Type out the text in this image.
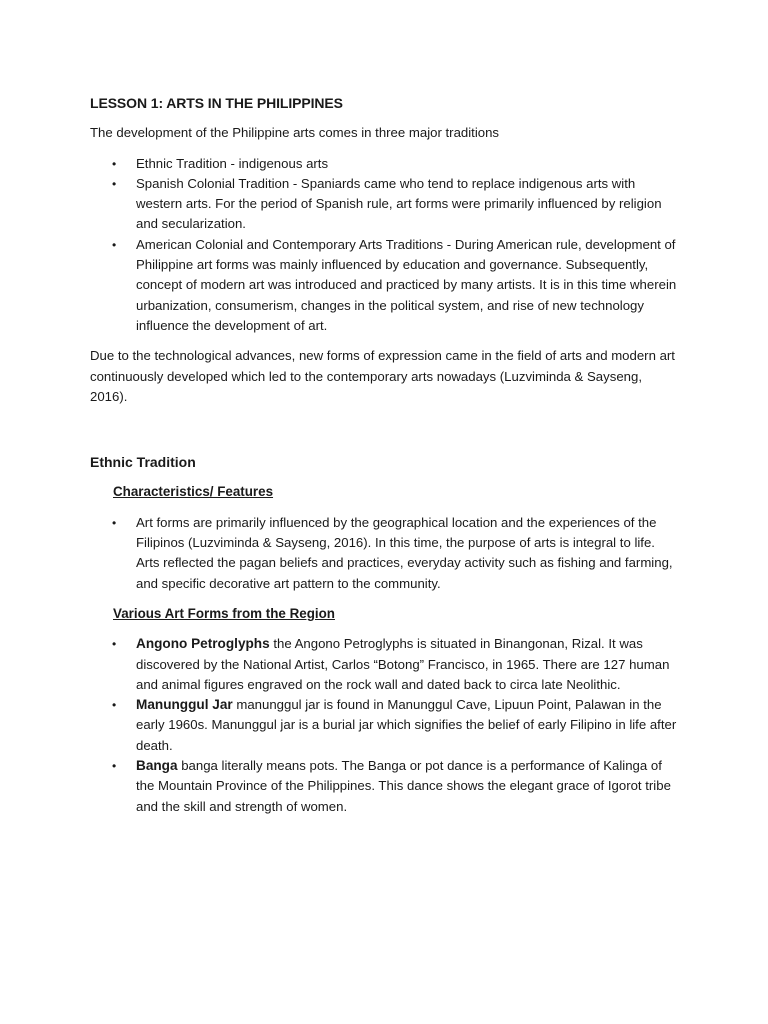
LESSON 1: ARTS IN THE PHILIPPINES

The development of the Philippine arts comes in three major traditions

•	Ethnic Tradition - indigenous arts
•	Spanish Colonial Tradition - Spaniards came who tend to replace indigenous arts with western arts. For the period of Spanish rule, art forms were primarily influenced by religion and secularization.
•	American Colonial and Contemporary Arts Traditions - During American rule, development of Philippine art forms was mainly influenced by education and governance. Subsequently, concept of modern art was introduced and practiced by many artists. It is in this time wherein urbanization, consumerism, changes in the political system, and rise of new technology influence the development of art.

Due to the technological advances, new forms of expression came in the field of arts and modern art continuously developed which led to the contemporary arts nowadays (Luzviminda & Sayseng, 2016).

Ethnic Tradition
Characteristics/ Features
•	Art forms are primarily influenced by the geographical location and the experiences of the Filipinos (Luzviminda & Sayseng, 2016). In this time, the purpose of arts is integral to life. Arts reflected the pagan beliefs and practices, everyday activity such as fishing and farming, and specific decorative art pattern to the community.
Various Art Forms from the Region
•	Angono Petroglyphs the Angono Petroglyphs is situated in Binangonan, Rizal. It was discovered by the National Artist, Carlos “Botong” Francisco, in 1965. There are 127 human and animal figures engraved on the rock wall and dated back to circa late Neolithic.
•	Manunggul Jar manunggul jar is found in Manunggul Cave, Lipuun Point, Palawan in the early 1960s. Manunggul jar is a burial jar which signifies the belief of early Filipino in life after death.
•	Banga banga literally means pots. The Banga or pot dance is a performance of Kalinga of the Mountain Province of the Philippines. This dance shows the elegant grace of Igorot tribe and the skill and strength of women.
